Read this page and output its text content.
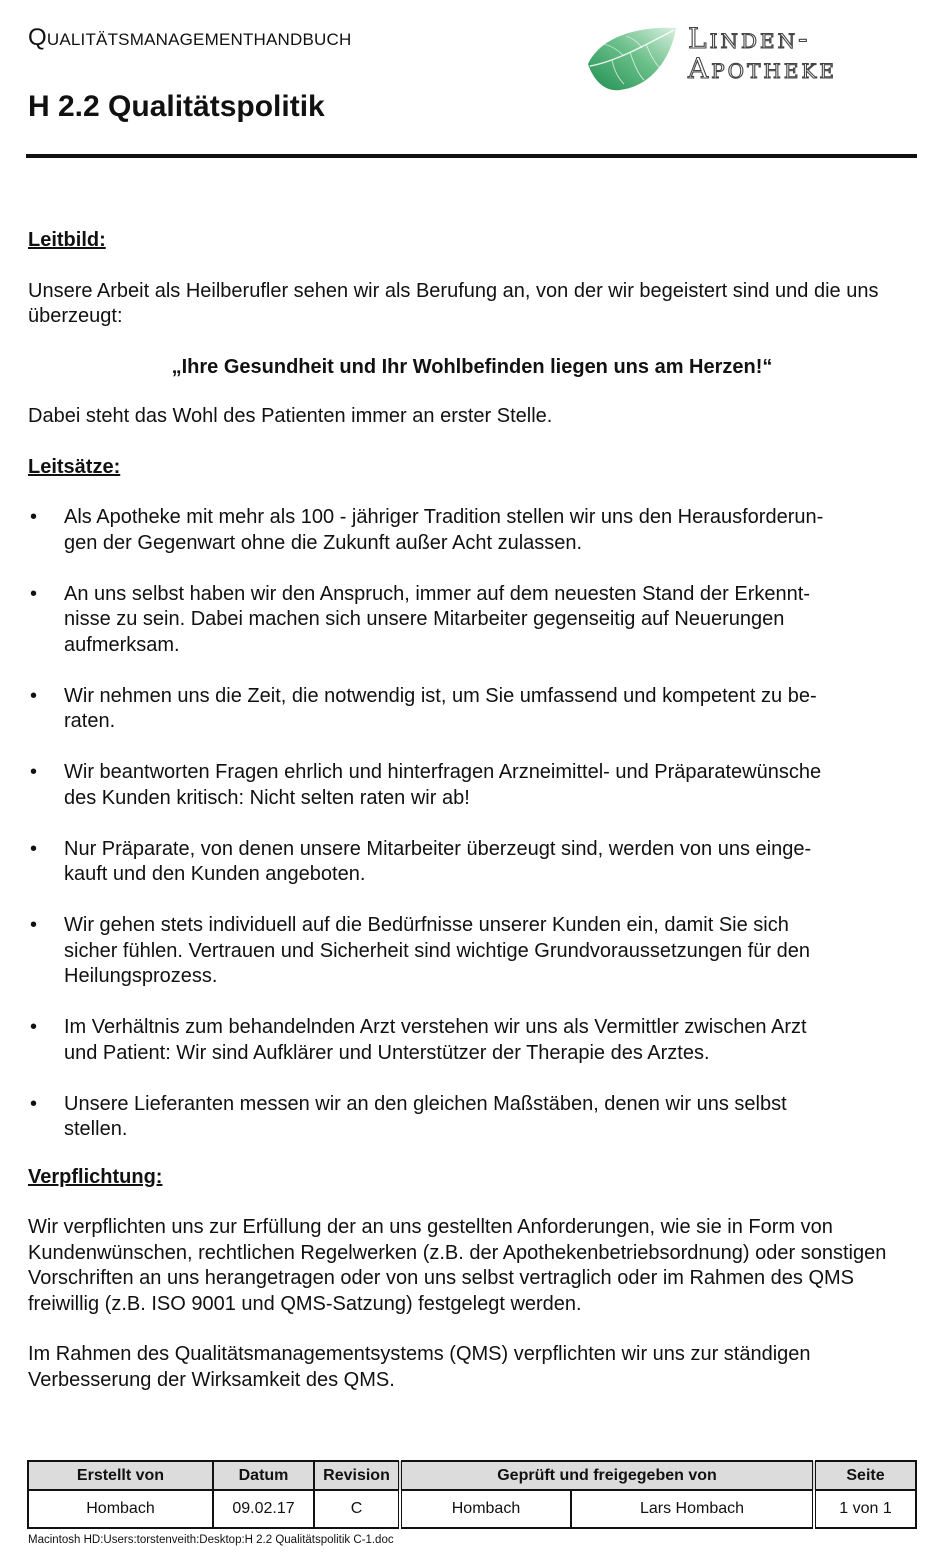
Qualitätsmanagementhandbuch
H 2.2 Qualitätspolitik
Linden-
Apotheke

Leitbild:

Unsere Arbeit als Heilberufler sehen wir als Berufung an, von der wir begeistert sind und die uns überzeugt:

„Ihre Gesundheit und Ihr Wohlbefinden liegen uns am Herzen!“

Dabei steht das Wohl des Patienten immer an erster Stelle.

Leitsätze:

• Als Apotheke mit mehr als 100 - jähriger Tradition stellen wir uns den Herausforderun-
gen der Gegenwart ohne die Zukunft außer Acht zulassen.
• An uns selbst haben wir den Anspruch, immer auf dem neuesten Stand der Erkennt-
nisse zu sein. Dabei machen sich unsere Mitarbeiter gegenseitig auf Neuerungen
aufmerksam.
• Wir nehmen uns die Zeit, die notwendig ist, um Sie umfassend und kompetent zu be-
raten.
• Wir beantworten Fragen ehrlich und hinterfragen Arzneimittel- und Präparatewünsche
des Kunden kritisch: Nicht selten raten wir ab!
• Nur Präparate, von denen unsere Mitarbeiter überzeugt sind, werden von uns einge-
kauft und den Kunden angeboten.
• Wir gehen stets individuell auf die Bedürfnisse unserer Kunden ein, damit Sie sich
sicher fühlen. Vertrauen und Sicherheit sind wichtige Grundvoraussetzungen für den
Heilungsprozess.
• Im Verhältnis zum behandelnden Arzt verstehen wir uns als Vermittler zwischen Arzt
und Patient: Wir sind Aufklärer und Unterstützer der Therapie des Arztes.
• Unsere Lieferanten messen wir an den gleichen Maßstäben, denen wir uns selbst
stellen.

Verpflichtung:

Wir verpflichten uns zur Erfüllung der an uns gestellten Anforderungen, wie sie in Form von Kundenwünschen, rechtlichen Regelwerken (z.B. der Apothekenbetriebsordnung) oder sonstigen Vorschriften an uns herangetragen oder von uns selbst vertraglich oder im Rahmen des QMS freiwillig (z.B. ISO 9001 und QMS-Satzung) festgelegt werden.

Im Rahmen des Qualitätsmanagementsystems (QMS) verpflichten wir uns zur ständigen Verbesserung der Wirksamkeit des QMS.

Erstellt von	Datum	Revision	Geprüft und freigegeben von		Seite
Hombach	09.02.17	C	Hombach	Lars Hombach	1 von 1
Macintosh HD:Users:torstenveith:Desktop:H 2.2 Qualitätspolitik C-1.doc
